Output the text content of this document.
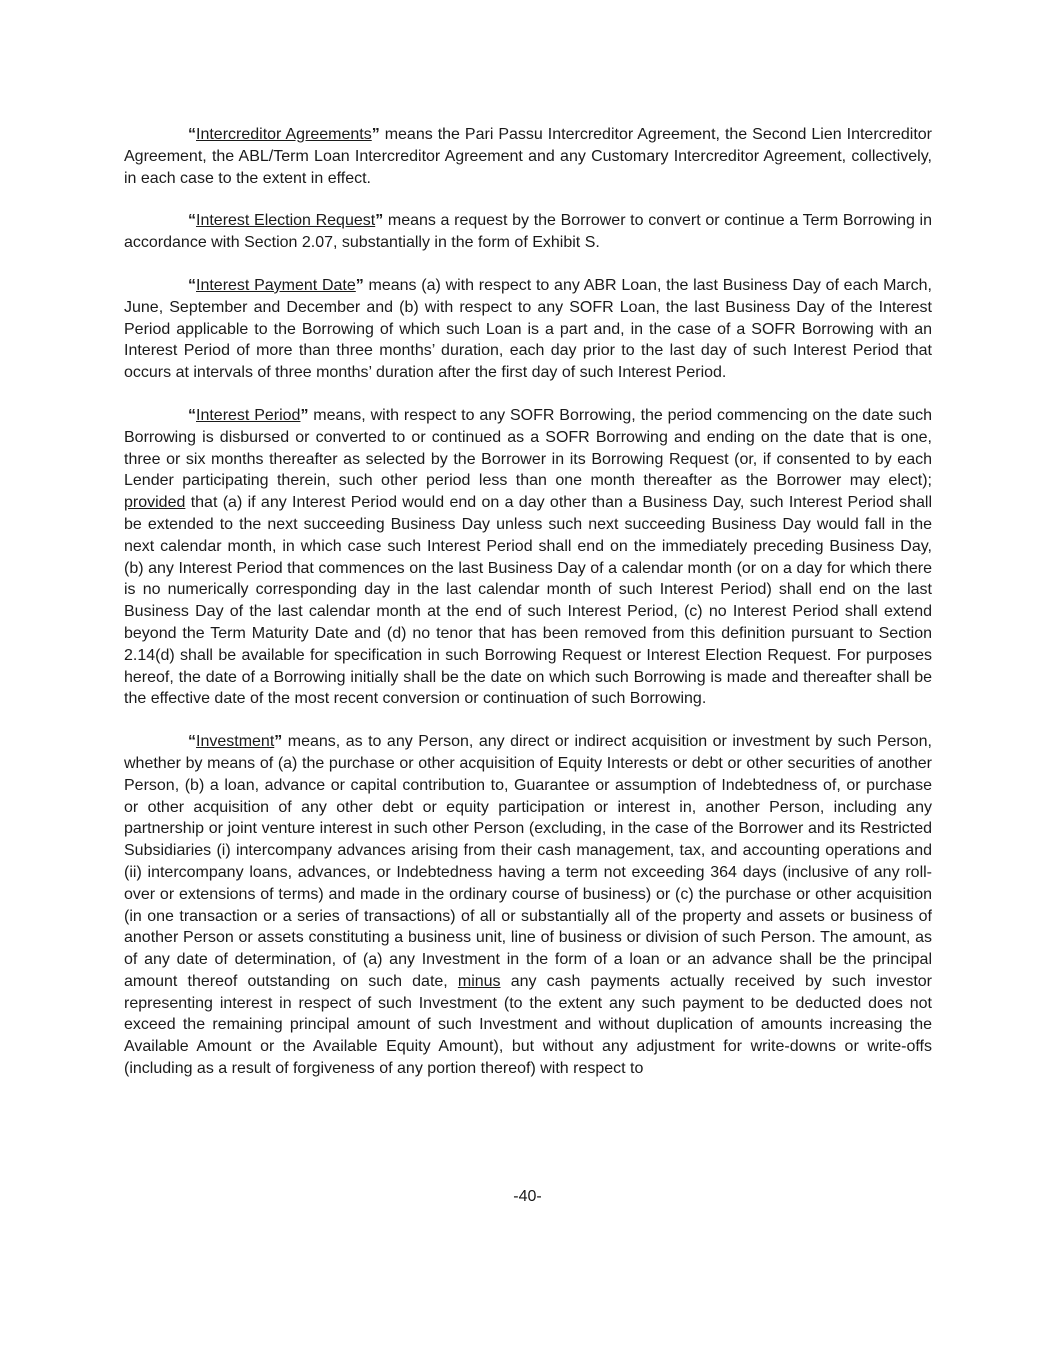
“Intercreditor Agreements” means the Pari Passu Intercreditor Agreement, the Second Lien Intercreditor Agreement, the ABL/Term Loan Intercreditor Agreement and any Customary Intercreditor Agreement, collectively, in each case to the extent in effect.

“Interest Election Request” means a request by the Borrower to convert or continue a Term Borrowing in accordance with Section 2.07, substantially in the form of Exhibit S.

“Interest Payment Date” means (a) with respect to any ABR Loan, the last Business Day of each March, June, September and December and (b) with respect to any SOFR Loan, the last Business Day of the Interest Period applicable to the Borrowing of which such Loan is a part and, in the case of a SOFR Borrowing with an Interest Period of more than three months’ duration, each day prior to the last day of such Interest Period that occurs at intervals of three months’ duration after the first day of such Interest Period.

“Interest Period” means, with respect to any SOFR Borrowing, the period commencing on the date such Borrowing is disbursed or converted to or continued as a SOFR Borrowing and ending on the date that is one, three or six months thereafter as selected by the Borrower in its Borrowing Request (or, if consented to by each Lender participating therein, such other period less than one month thereafter as the Borrower may elect); provided that (a) if any Interest Period would end on a day other than a Business Day, such Interest Period shall be extended to the next succeeding Business Day unless such next succeeding Business Day would fall in the next calendar month, in which case such Interest Period shall end on the immediately preceding Business Day, (b) any Interest Period that commences on the last Business Day of a calendar month (or on a day for which there is no numerically corresponding day in the last calendar month of such Interest Period) shall end on the last Business Day of the last calendar month at the end of such Interest Period, (c) no Interest Period shall extend beyond the Term Maturity Date and (d) no tenor that has been removed from this definition pursuant to Section 2.14(d) shall be available for specification in such Borrowing Request or Interest Election Request. For purposes hereof, the date of a Borrowing initially shall be the date on which such Borrowing is made and thereafter shall be the effective date of the most recent conversion or continuation of such Borrowing.

“Investment” means, as to any Person, any direct or indirect acquisition or investment by such Person, whether by means of (a) the purchase or other acquisition of Equity Interests or debt or other securities of another Person, (b) a loan, advance or capital contribution to, Guarantee or assumption of Indebtedness of, or purchase or other acquisition of any other debt or equity participation or interest in, another Person, including any partnership or joint venture interest in such other Person (excluding, in the case of the Borrower and its Restricted Subsidiaries (i) intercompany advances arising from their cash management, tax, and accounting operations and (ii) intercompany loans, advances, or Indebtedness having a term not exceeding 364 days (inclusive of any roll-over or extensions of terms) and made in the ordinary course of business) or (c) the purchase or other acquisition (in one transaction or a series of transactions) of all or substantially all of the property and assets or business of another Person or assets constituting a business unit, line of business or division of such Person. The amount, as of any date of determination, of (a) any Investment in the form of a loan or an advance shall be the principal amount thereof outstanding on such date, minus any cash payments actually received by such investor representing interest in respect of such Investment (to the extent any such payment to be deducted does not exceed the remaining principal amount of such Investment and without duplication of amounts increasing the Available Amount or the Available Equity Amount), but without any adjustment for write-downs or write-offs (including as a result of forgiveness of any portion thereof) with respect to

-40-
